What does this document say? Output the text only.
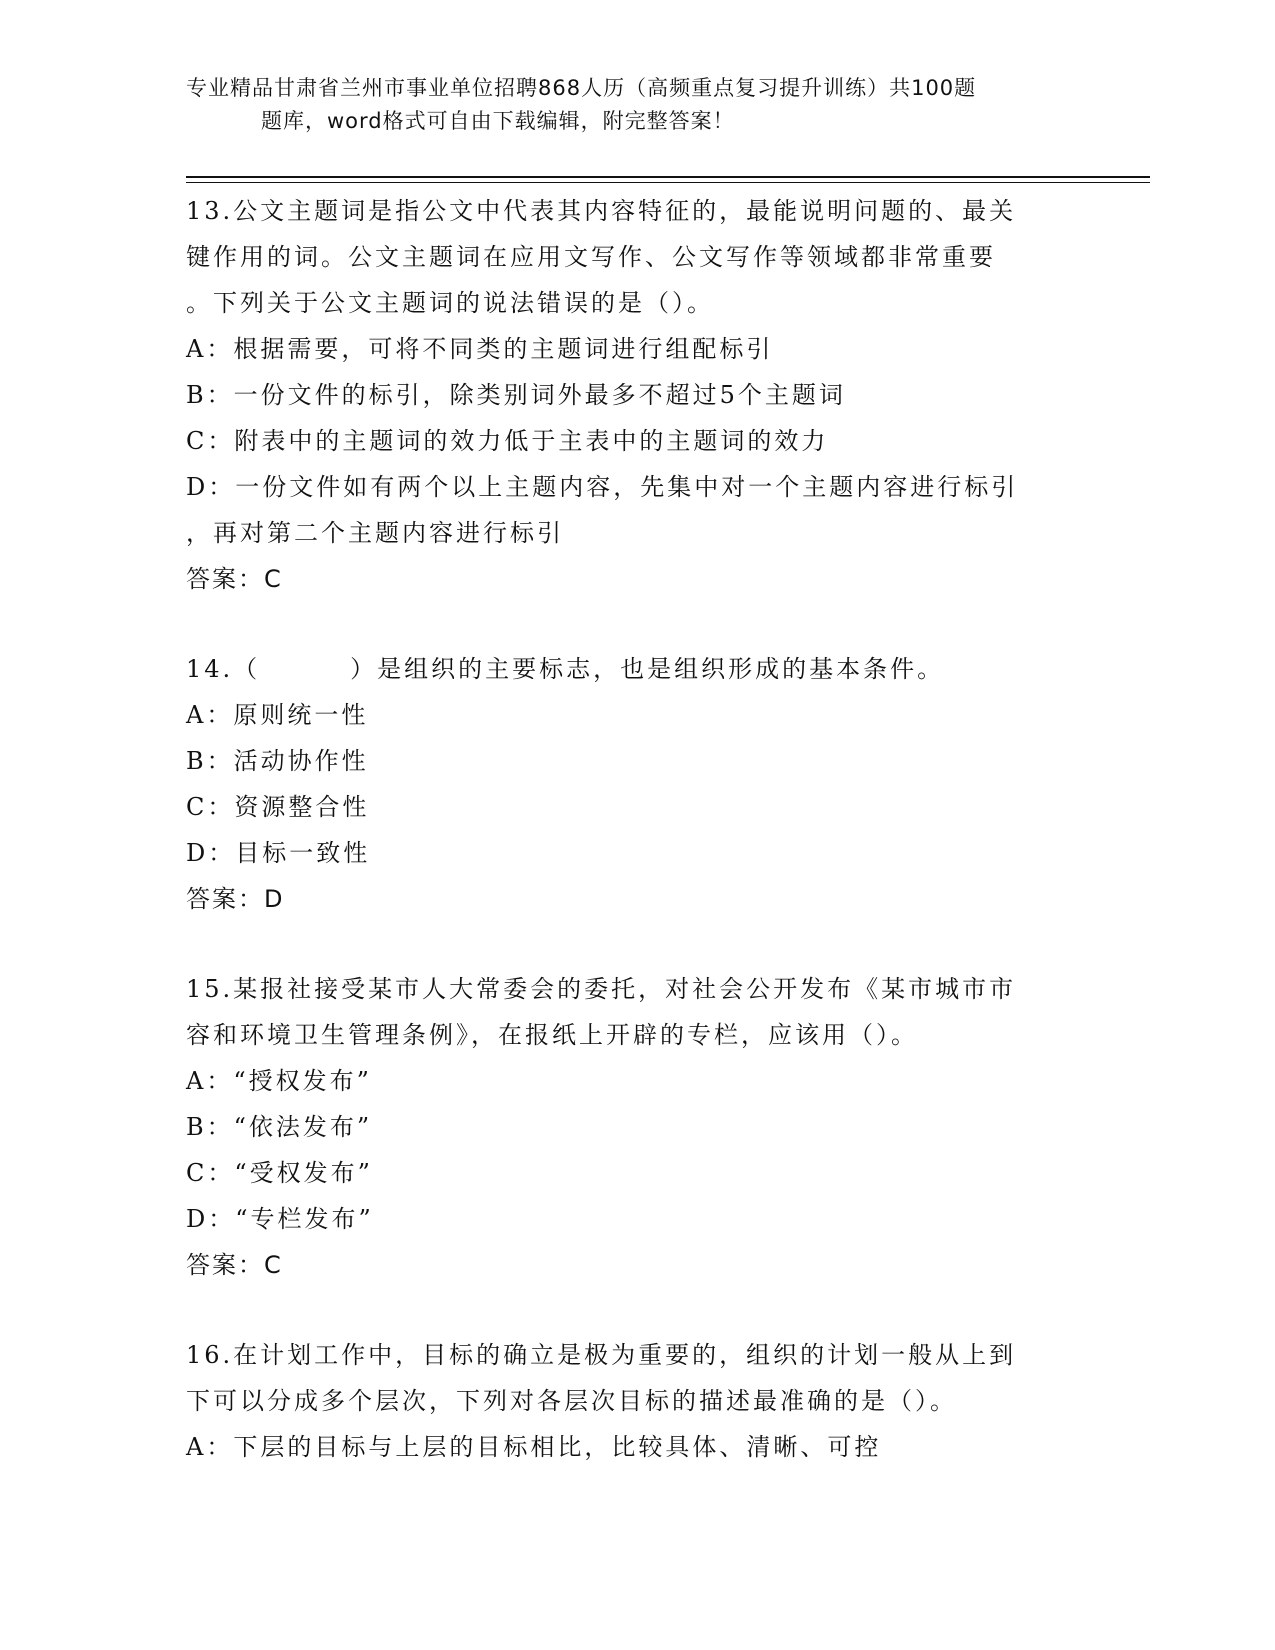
专业精品甘肃省兰州市事业单位招聘868人历（高频重点复习提升训练）共100题
题库，word格式可自由下载编辑，附完整答案！
13.公文主题词是指公文中代表其内容特征的，最能说明问题的、最关
键作用的词。公文主题词在应用文写作、公文写作等领域都非常重要
。下列关于公文主题词的说法错误的是（）。
A：根据需要，可将不同类的主题词进行组配标引
B：一份文件的标引，除类别词外最多不超过5个主题词
C：附表中的主题词的效力低于主表中的主题词的效力
D：一份文件如有两个以上主题内容，先集中对一个主题内容进行标引
，再对第二个主题内容进行标引
答案：C
14.（	）是组织的主要标志，也是组织形成的基本条件。
A：原则统一性
B：活动协作性
C：资源整合性
D：目标一致性
答案：D
15.某报社接受某市人大常委会的委托，对社会公开发布《某市城市市
容和环境卫生管理条例》，在报纸上开辟的专栏，应该用（）。
A：“授权发布”
B：“依法发布”
C：“受权发布”
D：“专栏发布”
答案：C
16.在计划工作中，目标的确立是极为重要的，组织的计划一般从上到
下可以分成多个层次，下列对各层次目标的描述最准确的是（）。
A：下层的目标与上层的目标相比，比较具体、清晰、可控
